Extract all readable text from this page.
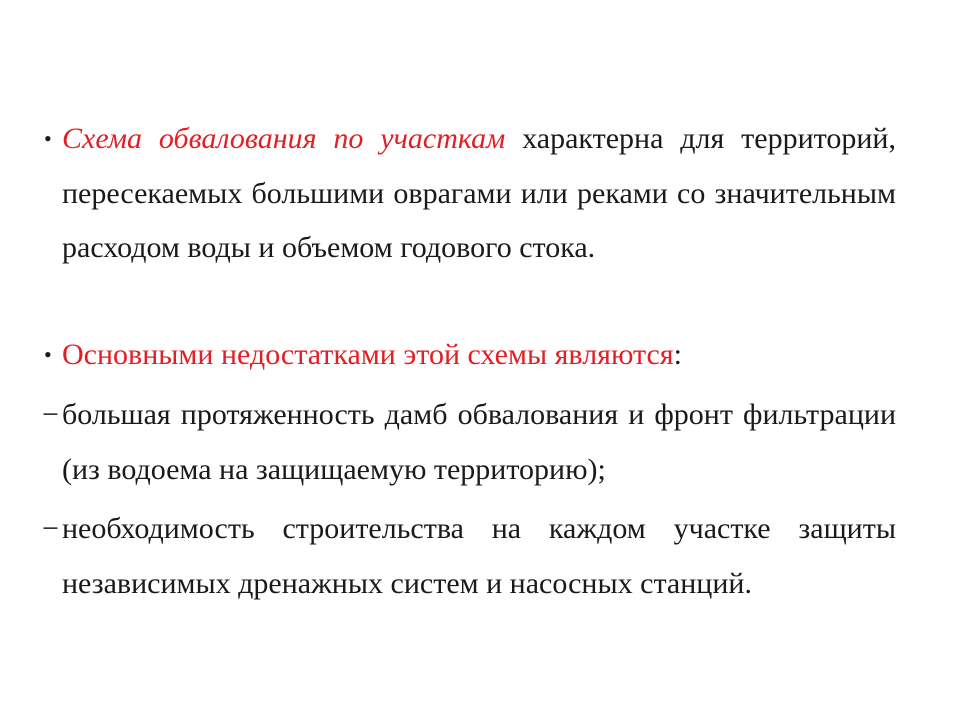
• Схема обвалования по участкам характерна для территорий, пересекаемых большими оврагами или реками со значительным расходом воды и объемом годового стока.
• Основными недостатками этой схемы являются:
− большая протяженность дамб обвалования и фронт фильтрации (из водоема на защищаемую территорию);
− необходимость строительства на каждом участке защиты независимых дренажных систем и насосных станций.
